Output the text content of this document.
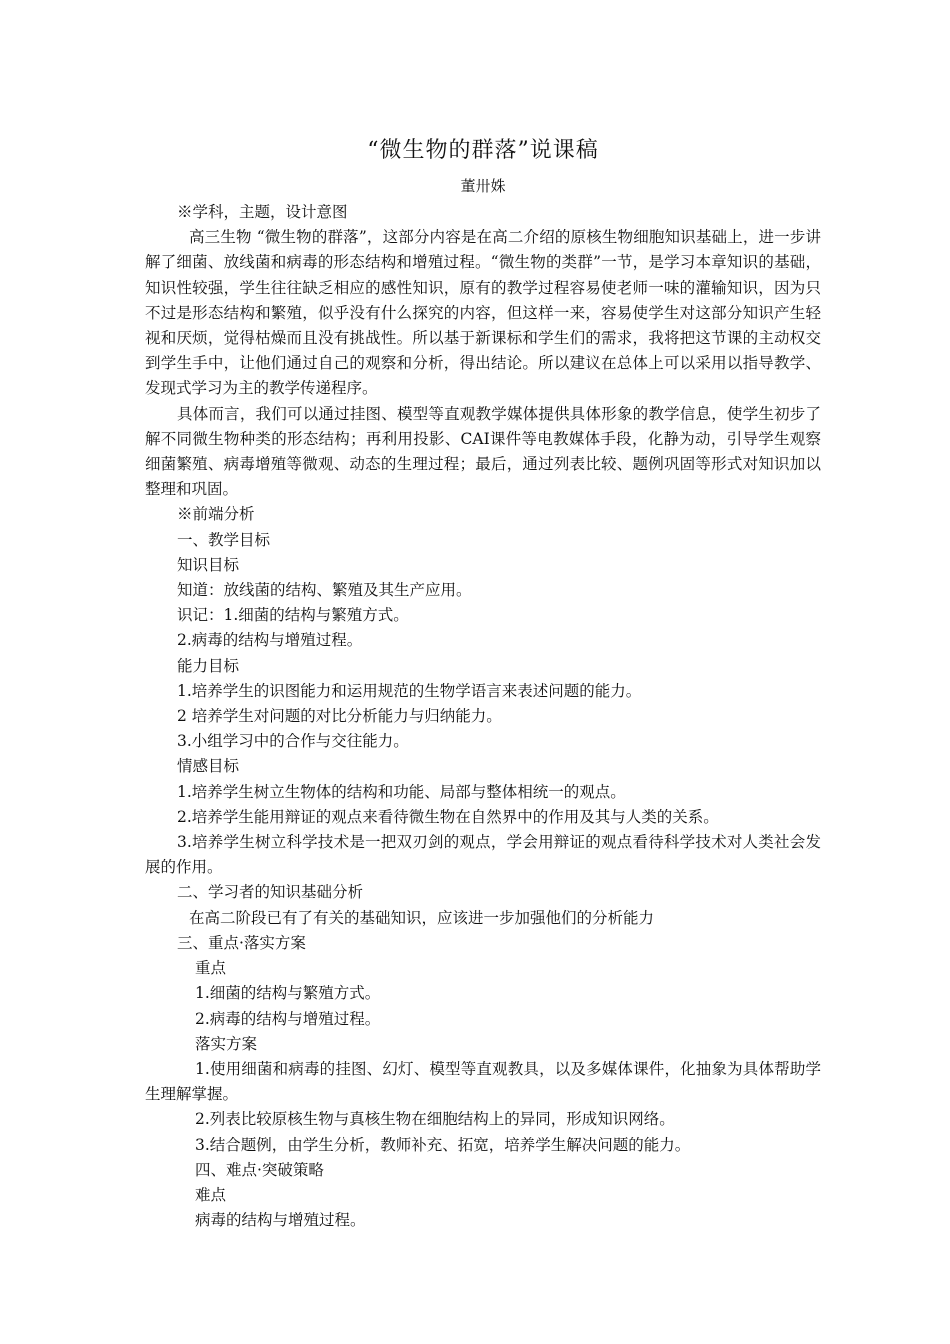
“微生物的群落”说课稿
董卅姝

※学科，主题，设计意图

高三生物 “微生物的群落”，这部分内容是在高二介绍的原核生物细胞知识基础上，进一步讲解了细菌、放线菌和病毒的形态结构和增殖过程。“微生物的类群”一节，是学习本章知识的基础，知识性较强，学生往往缺乏相应的感性知识，原有的教学过程容易使老师一味的灌输知识，因为只不过是形态结构和繁殖，似乎没有什么探究的内容，但这样一来，容易使学生对这部分知识产生轻视和厌烦，觉得枯燥而且没有挑战性。所以基于新课标和学生们的需求，我将把这节课的主动权交到学生手中，让他们通过自己的观察和分析，得出结论。所以建议在总体上可以采用以指导教学、发现式学习为主的教学传递程序。

具体而言，我们可以通过挂图、模型等直观教学媒体提供具体形象的教学信息，使学生初步了解不同微生物种类的形态结构；再利用投影、CAI课件等电教媒体手段，化静为动，引导学生观察细菌繁殖、病毒增殖等微观、动态的生理过程；最后，通过列表比较、题例巩固等形式对知识加以整理和巩固。

※前端分析

一、教学目标

知识目标

知道：放线菌的结构、繁殖及其生产应用。

识记：1.细菌的结构与繁殖方式。

2.病毒的结构与增殖过程。

能力目标

1.培养学生的识图能力和运用规范的生物学语言来表述问题的能力。

2 培养学生对问题的对比分析能力与归纳能力。

3.小组学习中的合作与交往能力。

情感目标

1.培养学生树立生物体的结构和功能、局部与整体相统一的观点。

2.培养学生能用辩证的观点来看待微生物在自然界中的作用及其与人类的关系。

3.培养学生树立科学技术是一把双刃剑的观点，学会用辩证的观点看待科学技术对人类社会发展的作用。

二、学习者的知识基础分析

在高二阶段已有了有关的基础知识，应该进一步加强他们的分析能力

三、重点·落实方案

重点

1.细菌的结构与繁殖方式。

2.病毒的结构与增殖过程。

落实方案

1.使用细菌和病毒的挂图、幻灯、模型等直观教具，以及多媒体课件，化抽象为具体帮助学生理解掌握。

2.列表比较原核生物与真核生物在细胞结构上的异同，形成知识网络。

3.结合题例，由学生分析，教师补充、拓宽，培养学生解决问题的能力。

四、难点·突破策略

难点

病毒的结构与增殖过程。
